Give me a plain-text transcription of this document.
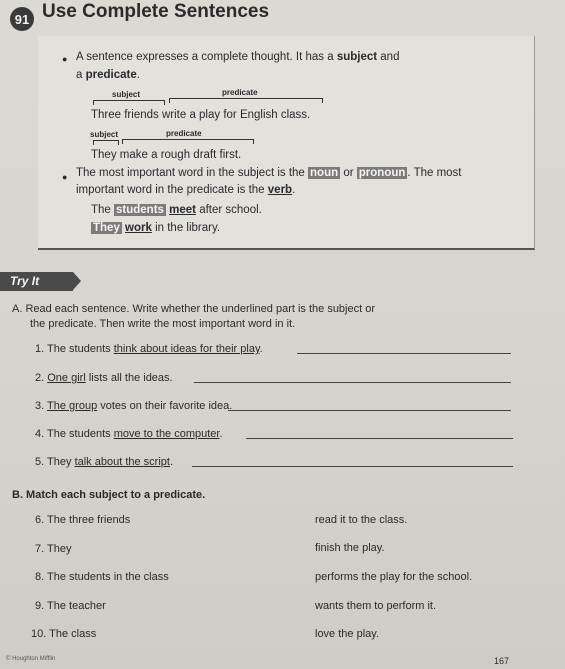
91 Use Complete Sentences
● A sentence expresses a complete thought. It has a subject and
a predicate.
subject	predicate
Three friends write a play for English class.
subject	predicate
They make a rough draft first.
● The most important word in the subject is the noun or pronoun . The most
important word in the predicate is the verb.
The students meet after school.
They work in the library.
Try It
A. Read each sentence. Write whether the underlined part is the subject or
the predicate. Then write the most important word in it.
1. The students think about ideas for their play.
2. One girl lists all the ideas.
3. The group votes on their favorite idea.
4. The students move to the computer.
5. They talk about the script.
B. Match each subject to a predicate.
6. The three friends	read it to the class.
7. They	finish the play.
8. The students in the class	performs the play for the school.
9. The teacher	wants them to perform it.
10. The class	love the play.
© Houghton Mifflin	167
